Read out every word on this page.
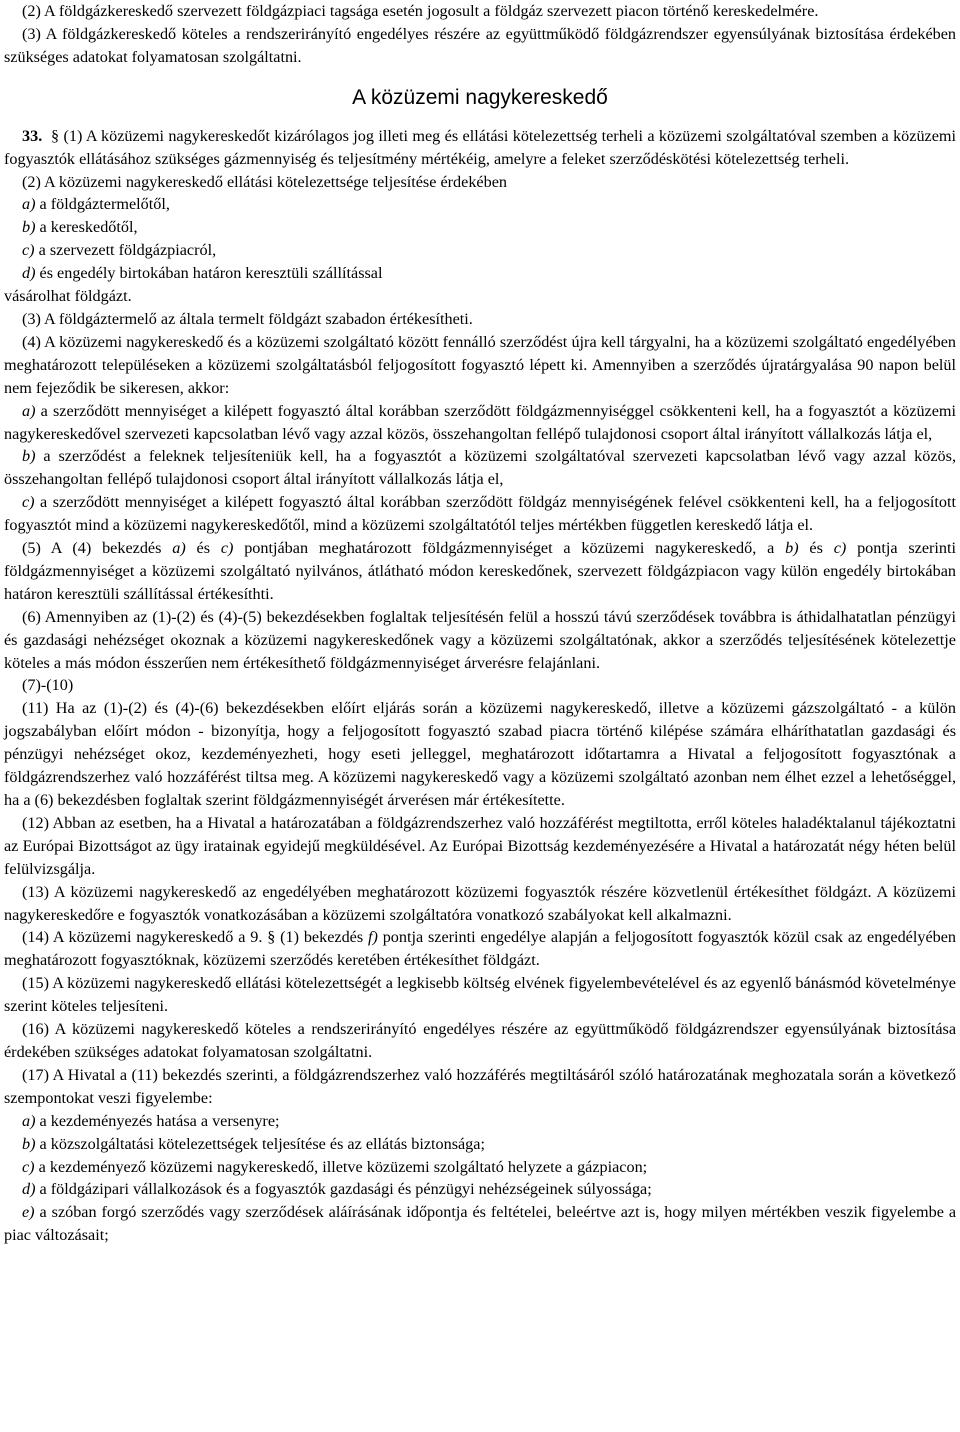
(2) A földgázkereskedő szervezett földgázpiaci tagsága esetén jogosult a földgáz szervezett piacon történő kereskedelmére.

(3) A földgázkereskedő köteles a rendszerirányító engedélyes részére az együttműködő földgázrendszer egyensúlyának biztosítása érdekében szükséges adatokat folyamatosan szolgáltatni.

A közüzemi nagykereskedő

33. § (1) A közüzemi nagykereskedőt kizárólagos jog illeti meg és ellátási kötelezettség terheli a közüzemi szolgáltatóval szemben a közüzemi fogyasztók ellátásához szükséges gázmennyiség és teljesítmény mértékéig, amelyre a feleket szerződéskötési kötelezettség terheli.

(2) A közüzemi nagykereskedő ellátási kötelezettsége teljesítése érdekében

a) a földgáztermelőtől,

b) a kereskedőtől,

c) a szervezett földgázpiacról,

d) és engedély birtokában határon keresztüli szállítással

vásárolhat földgázt.

(3) A földgáztermelő az általa termelt földgázt szabadon értékesítheti.

(4) A közüzemi nagykereskedő és a közüzemi szolgáltató között fennálló szerződést újra kell tárgyalni, ha a közüzemi szolgáltató engedélyében meghatározott településeken a közüzemi szolgáltatásból feljogosított fogyasztó lépett ki. Amennyiben a szerződés újratárgyalása 90 napon belül nem fejeződik be sikeresen, akkor:

a) a szerződött mennyiséget a kilépett fogyasztó által korábban szerződött földgázmennyiséggel csökkenteni kell, ha a fogyasztót a közüzemi nagykereskedővel szervezeti kapcsolatban lévő vagy azzal közös, összehangoltan fellépő tulajdonosi csoport által irányított vállalkozás látja el,

b) a szerződést a feleknek teljesíteniük kell, ha a fogyasztót a közüzemi szolgáltatóval szervezeti kapcsolatban lévő vagy azzal közös, összehangoltan fellépő tulajdonosi csoport által irányított vállalkozás látja el,

c) a szerződött mennyiséget a kilépett fogyasztó által korábban szerződött földgáz mennyiségének felével csökkenteni kell, ha a feljogosított fogyasztót mind a közüzemi nagykereskedőtől, mind a közüzemi szolgáltatótól teljes mértékben független kereskedő látja el.

(5) A (4) bekezdés a) és c) pontjában meghatározott földgázmennyiséget a közüzemi nagykereskedő, a b) és c) pontja szerinti földgázmennyiséget a közüzemi szolgáltató nyilvános, átlátható módon kereskedőnek, szervezett földgázpiacon vagy külön engedély birtokában határon keresztüli szállítással értékesíthti.

(6) Amennyiben az (1)-(2) és (4)-(5) bekezdésekben foglaltak teljesítésén felül a hosszú távú szerződések továbbra is áthidalhatatlan pénzügyi és gazdasági nehézséget okoznak a közüzemi nagykereskedőnek vagy a közüzemi szolgáltatónak, akkor a szerződés teljesítésének kötelezettje köteles a más módon ésszerűen nem értékesíthető földgázmennyiséget árverésre felajánlani.

(7)-(10)

(11) Ha az (1)-(2) és (4)-(6) bekezdésekben előírt eljárás során a közüzemi nagykereskedő, illetve a közüzemi gázszolgáltató - a külön jogszabályban előírt módon - bizonyítja, hogy a feljogosított fogyasztó szabad piacra történő kilépése számára elháríthatatlan gazdasági és pénzügyi nehézséget okoz, kezdeményezheti, hogy eseti jelleggel, meghatározott időtartamra a Hivatal a feljogosított fogyasztónak a földgázrendszerhez való hozzáférést tiltsa meg. A közüzemi nagykereskedő vagy a közüzemi szolgáltató azonban nem élhet ezzel a lehetőséggel, ha a (6) bekezdésben foglaltak szerint földgázmennyiségét árverésen már értékesítette.

(12) Abban az esetben, ha a Hivatal a határozatában a földgázrendszerhez való hozzáférést megtiltotta, erről köteles haladéktalanul tájékoztatni az Európai Bizottságot az ügy iratainak egyidejű megküldésével. Az Európai Bizottság kezdeményezésére a Hivatal a határozatát négy héten belül felülvizsgálja.

(13) A közüzemi nagykereskedő az engedélyében meghatározott közüzemi fogyasztók részére közvetlenül értékesíthet földgázt. A közüzemi nagykereskedőre e fogyasztók vonatkozásában a közüzemi szolgáltatóra vonatkozó szabályokat kell alkalmazni.

(14) A közüzemi nagykereskedő a 9. § (1) bekezdés f) pontja szerinti engedélye alapján a feljogosított fogyasztók közül csak az engedélyében meghatározott fogyasztóknak, közüzemi szerződés keretében értékesíthet földgázt.

(15) A közüzemi nagykereskedő ellátási kötelezettségét a legkisebb költség elvének figyelembevételével és az egyenlő bánásmód követelménye szerint köteles teljesíteni.

(16) A közüzemi nagykereskedő köteles a rendszerirányító engedélyes részére az együttműködő földgázrendszer egyensúlyának biztosítása érdekében szükséges adatokat folyamatosan szolgáltatni.

(17) A Hivatal a (11) bekezdés szerinti, a földgázrendszerhez való hozzáférés megtiltásáról szóló határozatának meghozatala során a következő szempontokat veszi figyelembe:

a) a kezdeményezés hatása a versenyre;

b) a közszolgáltatási kötelezettségek teljesítése és az ellátás biztonsága;

c) a kezdeményező közüzemi nagykereskedő, illetve közüzemi szolgáltató helyzete a gázpiacon;

d) a földgázipari vállalkozások és a fogyasztók gazdasági és pénzügyi nehézségeinek súlyossága;

e) a szóban forgó szerződés vagy szerződések aláírásának időpontja és feltételei, beleértve azt is, hogy milyen mértékben veszik figyelembe a piac változásait;
